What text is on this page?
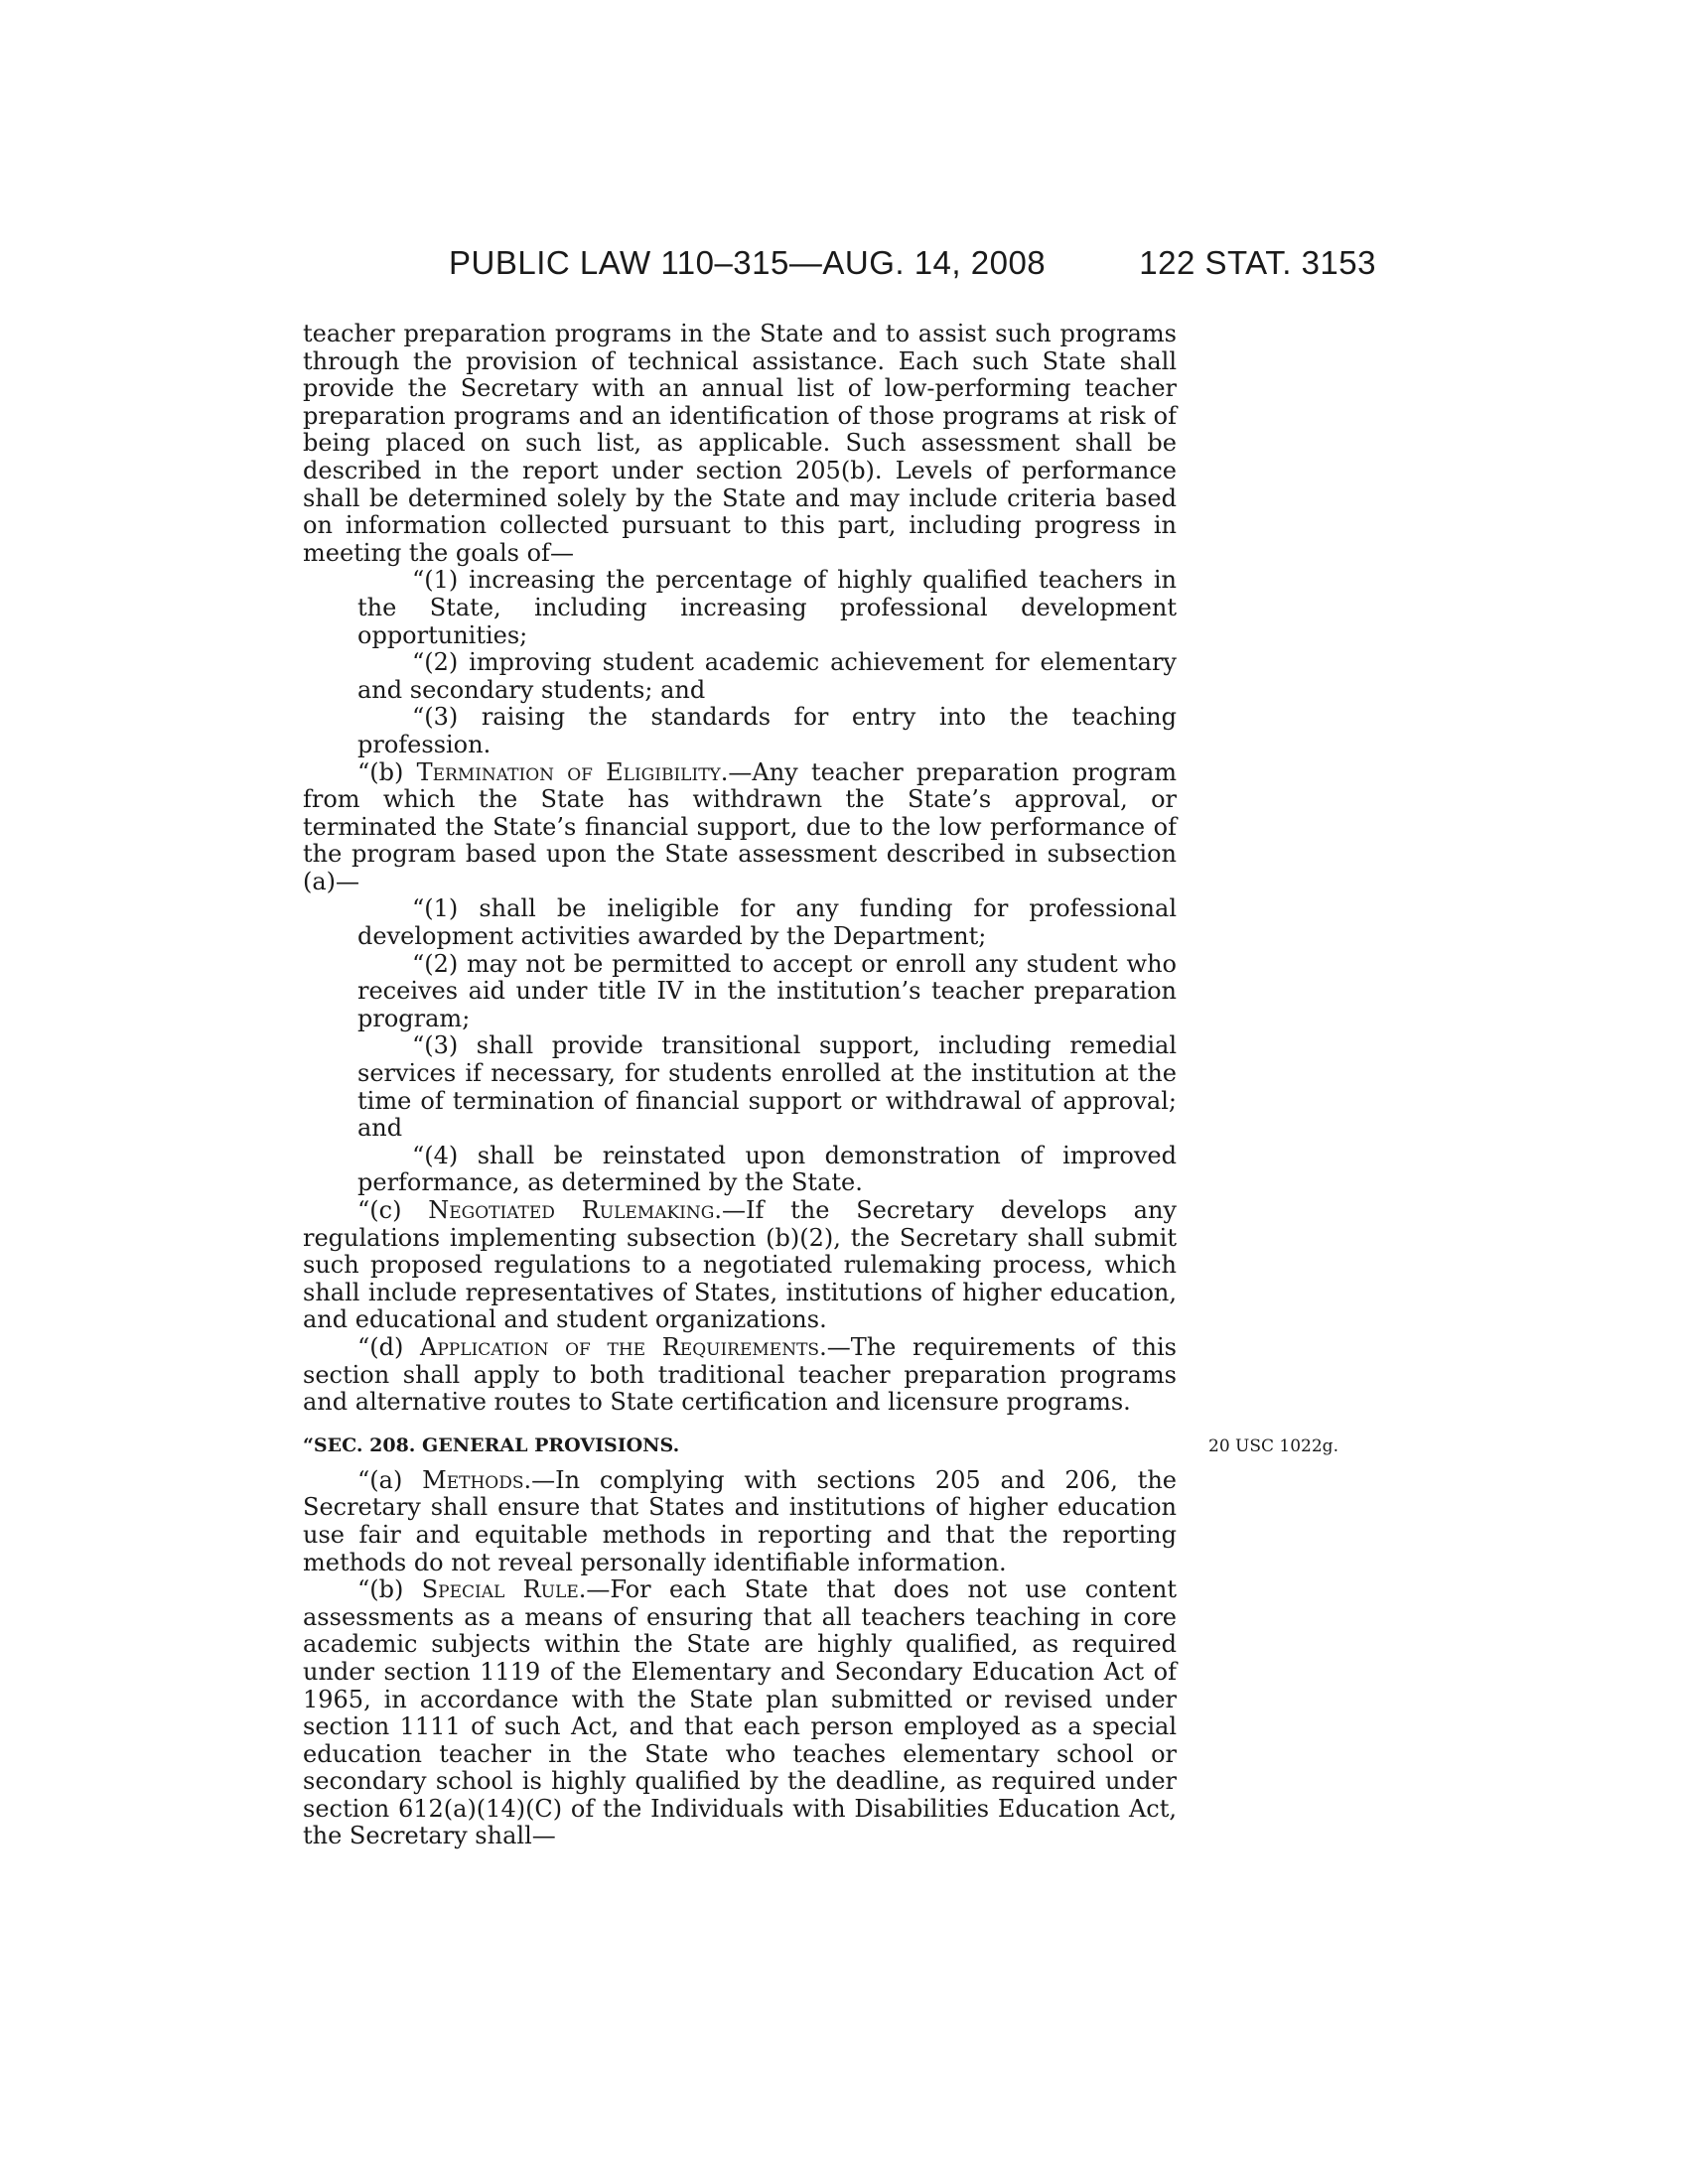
PUBLIC LAW 110–315—AUG. 14, 2008	122 STAT. 3153

teacher preparation programs in the State and to assist such programs through the provision of technical assistance. Each such State shall provide the Secretary with an annual list of low-performing teacher preparation programs and an identification of those programs at risk of being placed on such list, as applicable. Such assessment shall be described in the report under section 205(b). Levels of performance shall be determined solely by the State and may include criteria based on information collected pursuant to this part, including progress in meeting the goals of—

“(1) increasing the percentage of highly qualified teachers in the State, including increasing professional development opportunities;

“(2) improving student academic achievement for elementary and secondary students; and

“(3) raising the standards for entry into the teaching profession.

“(b) Termination of Eligibility.—Any teacher preparation program from which the State has withdrawn the State’s approval, or terminated the State’s financial support, due to the low performance of the program based upon the State assessment described in subsection (a)—

“(1) shall be ineligible for any funding for professional development activities awarded by the Department;

“(2) may not be permitted to accept or enroll any student who receives aid under title IV in the institution’s teacher preparation program;

“(3) shall provide transitional support, including remedial services if necessary, for students enrolled at the institution at the time of termination of financial support or withdrawal of approval; and

“(4) shall be reinstated upon demonstration of improved performance, as determined by the State.

“(c) Negotiated Rulemaking.—If the Secretary develops any regulations implementing subsection (b)(2), the Secretary shall submit such proposed regulations to a negotiated rulemaking process, which shall include representatives of States, institutions of higher education, and educational and student organizations.

“(d) Application of the Requirements.—The requirements of this section shall apply to both traditional teacher preparation programs and alternative routes to State certification and licensure programs.

“SEC. 208. GENERAL PROVISIONS.	20 USC 1022g.

“(a) Methods.—In complying with sections 205 and 206, the Secretary shall ensure that States and institutions of higher education use fair and equitable methods in reporting and that the reporting methods do not reveal personally identifiable information.

“(b) Special Rule.—For each State that does not use content assessments as a means of ensuring that all teachers teaching in core academic subjects within the State are highly qualified, as required under section 1119 of the Elementary and Secondary Education Act of 1965, in accordance with the State plan submitted or revised under section 1111 of such Act, and that each person employed as a special education teacher in the State who teaches elementary school or secondary school is highly qualified by the deadline, as required under section 612(a)(14)(C) of the Individuals with Disabilities Education Act, the Secretary shall—
